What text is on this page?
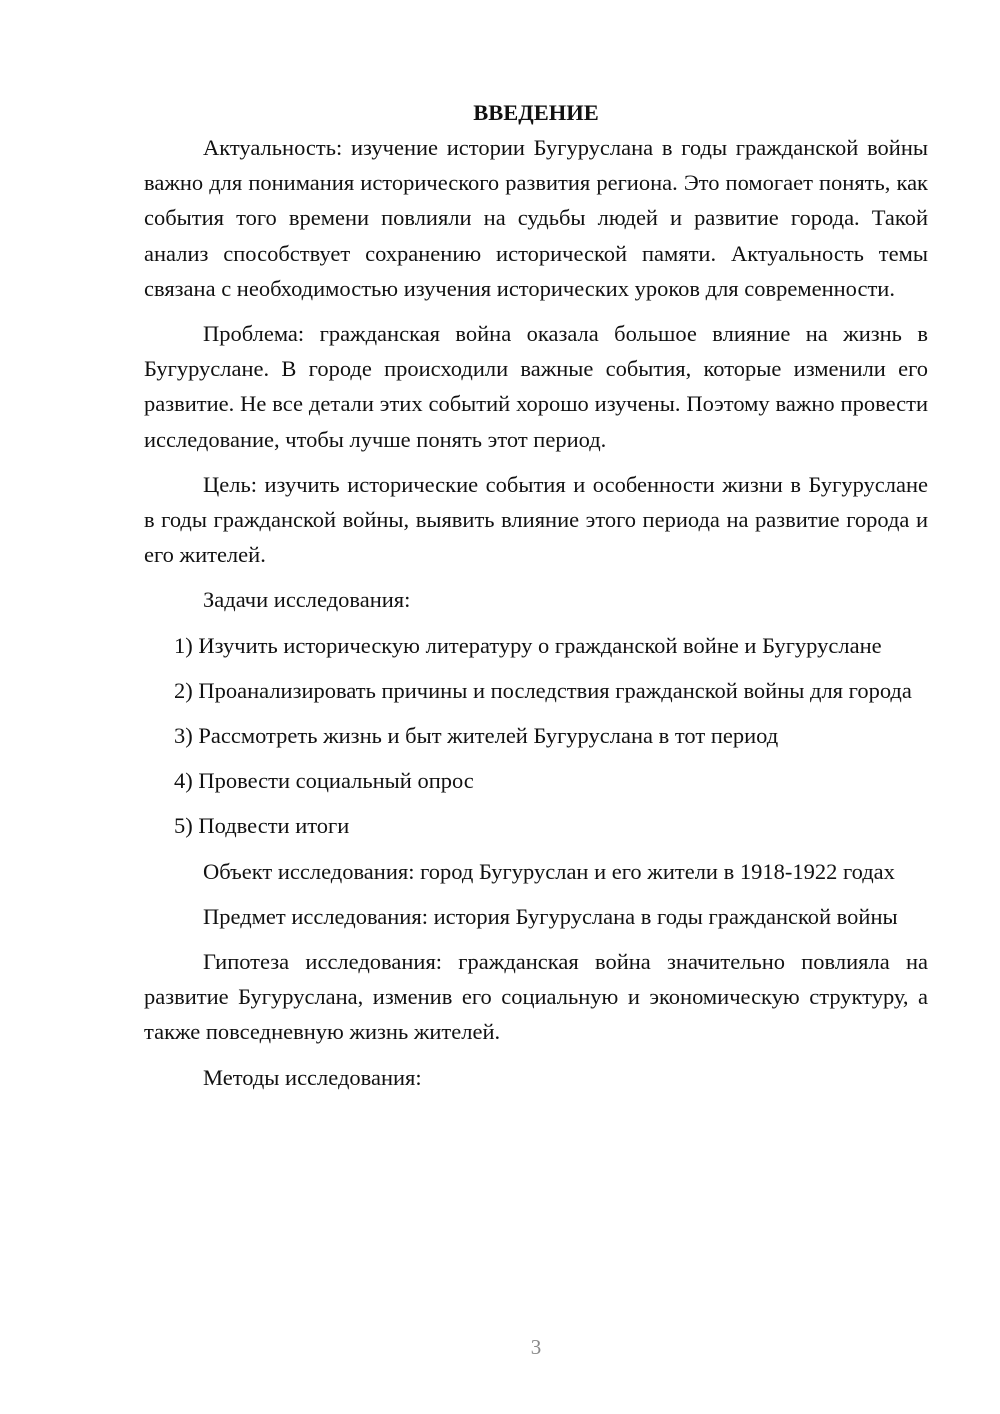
ВВЕДЕНИЕ

Актуальность: изучение истории Бугуруслана в годы гражданской войны важно для понимания исторического развития региона. Это помогает понять, как события того времени повлияли на судьбы людей и развитие города. Такой анализ способствует сохранению исторической памяти. Актуальность темы связана с необходимостью изучения исторических уроков для современности.

Проблема: гражданская война оказала большое влияние на жизнь в Бугуруслане. В городе происходили важные события, которые изменили его развитие. Не все детали этих событий хорошо изучены. Поэтому важно провести исследование, чтобы лучше понять этот период.

Цель: изучить исторические события и особенности жизни в Бугуруслане в годы гражданской войны, выявить влияние этого периода на развитие города и его жителей.

Задачи исследования:

1) Изучить историческую литературу о гражданской войне и Бугуруслане

2) Проанализировать причины и последствия гражданской войны для города

3) Рассмотреть жизнь и быт жителей Бугуруслана в тот период

4) Провести социальный опрос

5) Подвести итоги

Объект исследования: город Бугуруслан и его жители в 1918-1922 годах

Предмет исследования: история Бугуруслана в годы гражданской войны

Гипотеза исследования: гражданская война значительно повлияла на развитие Бугуруслана, изменив его социальную и экономическую структуру, а также повседневную жизнь жителей.

Методы исследования:

3
